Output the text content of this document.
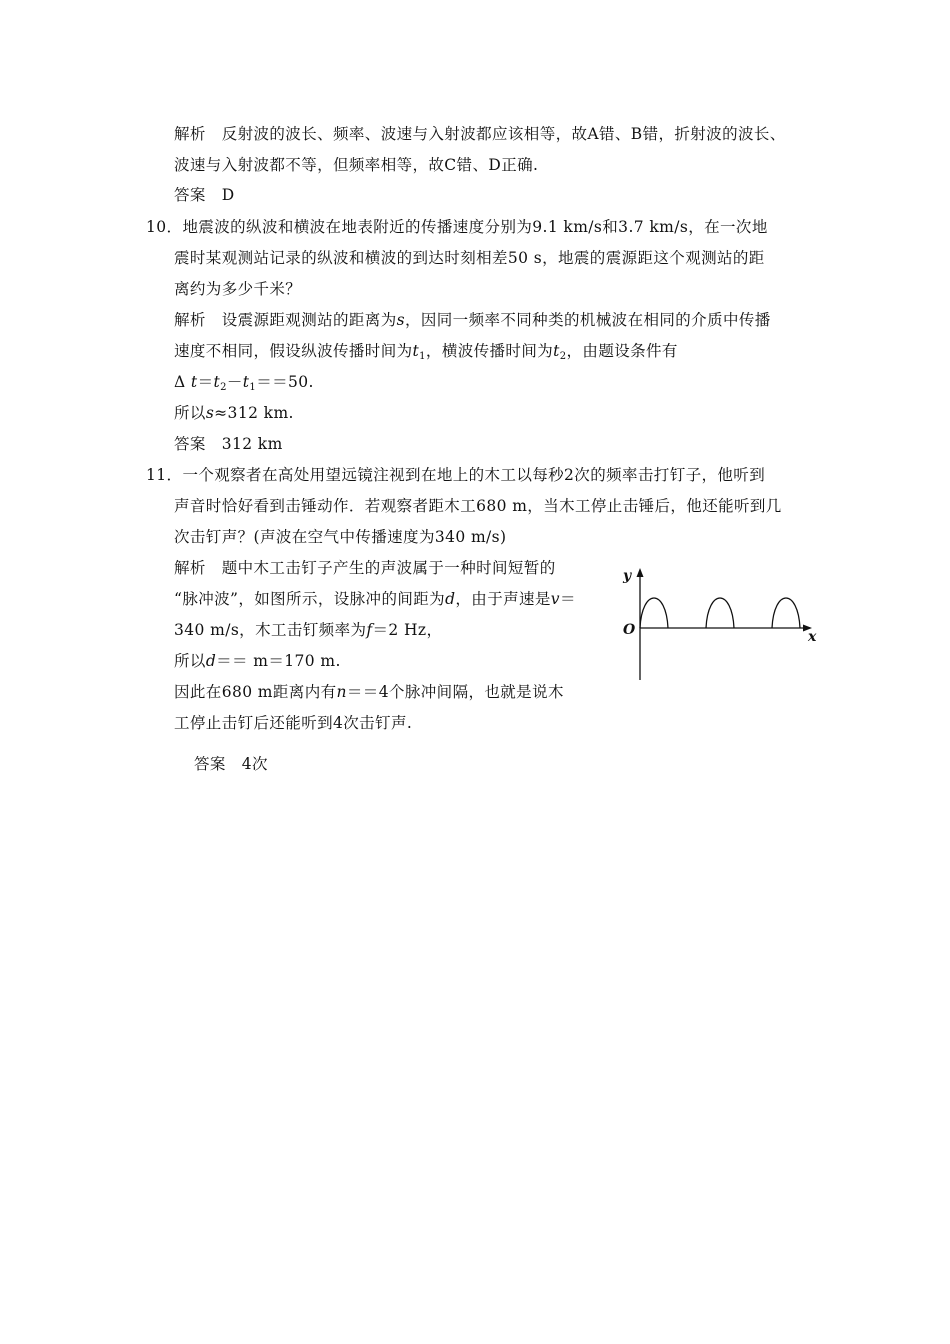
解析　反射波的波长、频率、波速与入射波都应该相等，故A错、B错，折射波的波长、
波速与入射波都不等，但频率相等，故C错、D正确.
答案　D
10．地震波的纵波和横波在地表附近的传播速度分别为9.1 km/s和3.7 km/s，在一次地
震时某观测站记录的纵波和横波的到达时刻相差50 s，地震的震源距这个观测站的距
离约为多少千米？
解析　设震源距观测站的距离为s，因同一频率不同种类的机械波在相同的介质中传播
速度不相同，假设纵波传播时间为$t_1$，横波传播时间为$t_2$，由题设条件有
Δ $t=t_2-t_1==50$.
所以s≈312 km.
答案　312 km
11．一个观察者在高处用望远镜注视到在地上的木工以每秒2次的频率击打钉子，他听到
声音时恰好看到击锤动作．若观察者距木工680 m，当木工停止击锤后，他还能听到几
次击钉声？(声波在空气中传播速度为340 m/s)
解析　题中木工击钉子产生的声波属于一种时间短暂的
“脉冲波”，如图所示，设脉冲的间距为d，由于声速是v＝
340 m/s，木工击钉频率为f＝2 Hz，
所以d＝＝ m＝170 m.
因此在680 m距离内有n＝＝4个脉冲间隔，也就是说木
工停止击钉后还能听到4次击钉声.
答案　4次
y
x
O
